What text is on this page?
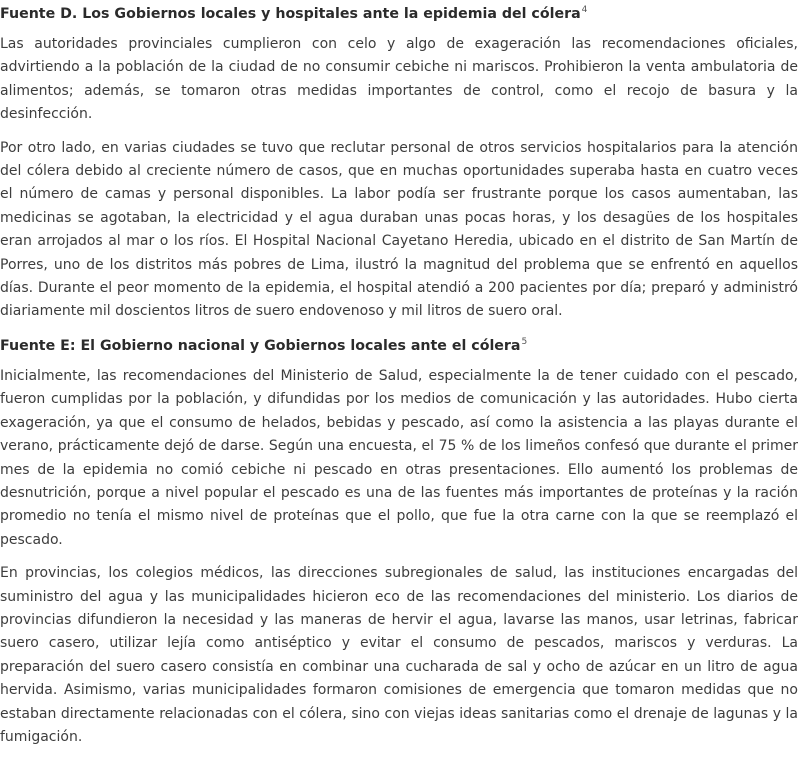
Fuente D. Los Gobiernos locales y hospitales ante la epidemia del cólera$^4$

Las autoridades provinciales cumplieron con celo y algo de exageración las recomendaciones oficiales, advirtiendo a la población de la ciudad de no consumir cebiche ni mariscos. Prohibieron la venta ambulatoria de alimentos; además, se tomaron otras medidas importantes de control, como el recojo de basura y la desinfección.

Por otro lado, en varias ciudades se tuvo que reclutar personal de otros servicios hospitalarios para la atención del cólera debido al creciente número de casos, que en muchas oportunidades superaba hasta en cuatro veces el número de camas y personal disponibles. La labor podía ser frustrante porque los casos aumentaban, las medicinas se agotaban, la electricidad y el agua duraban unas pocas horas, y los desagües de los hospitales eran arrojados al mar o los ríos. El Hospital Nacional Cayetano Heredia, ubicado en el distrito de San Martín de Porres, uno de los distritos más pobres de Lima, ilustró la magnitud del problema que se enfrentó en aquellos días. Durante el peor momento de la epidemia, el hospital atendió a 200 pacientes por día; preparó y administró diariamente mil doscientos litros de suero endovenoso y mil litros de suero oral.

Fuente E: El Gobierno nacional y Gobiernos locales ante el cólera$^5$

Inicialmente, las recomendaciones del Ministerio de Salud, especialmente la de tener cuidado con el pescado, fueron cumplidas por la población, y difundidas por los medios de comunicación y las autoridades. Hubo cierta exageración, ya que el consumo de helados, bebidas y pescado, así como la asistencia a las playas durante el verano, prácticamente dejó de darse. Según una encuesta, el 75 % de los limeños confesó que durante el primer mes de la epidemia no comió cebiche ni pescado en otras presentaciones. Ello aumentó los problemas de desnutrición, porque a nivel popular el pescado es una de las fuentes más importantes de proteínas y la ración promedio no tenía el mismo nivel de proteínas que el pollo, que fue la otra carne con la que se reemplazó el pescado.

En provincias, los colegios médicos, las direcciones subregionales de salud, las instituciones encargadas del suministro del agua y las municipalidades hicieron eco de las recomendaciones del ministerio. Los diarios de provincias difundieron la necesidad y las maneras de hervir el agua, lavarse las manos, usar letrinas, fabricar suero casero, utilizar lejía como antiséptico y evitar el consumo de pescados, mariscos y verduras. La preparación del suero casero consistía en combinar una cucharada de sal y ocho de azúcar en un litro de agua hervida. Asimismo, varias municipalidades formaron comisiones de emergencia que tomaron medidas que no estaban directamente relacionadas con el cólera, sino con viejas ideas sanitarias como el drenaje de lagunas y la fumigación.
